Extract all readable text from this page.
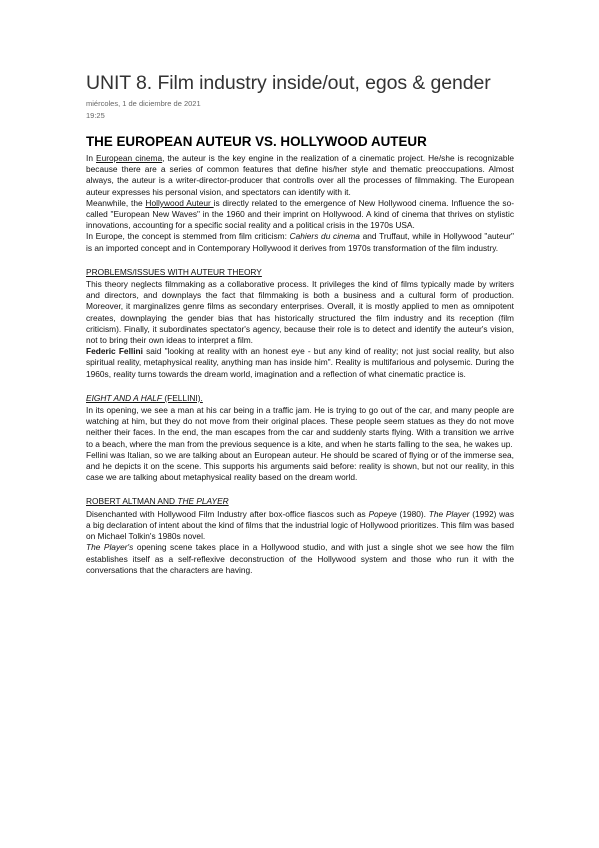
UNIT 8. Film industry inside/out, egos & gender
miércoles, 1 de diciembre de 2021
19:25
THE EUROPEAN AUTEUR VS. HOLLYWOOD AUTEUR

In European cinema, the auteur is the key engine in the realization of a cinematic project. He/she is recognizable because there are a series of common features that define his/her style and thematic preoccupations. Almost always, the auteur is a writer-director-producer that controlls over all the processes of filmmaking. The European auteur expresses his personal vision, and spectators can identify with it.

Meanwhile, the Hollywood Auteur is directly related to the emergence of New Hollywood cinema. Influence the so-called "European New Waves" in the 1960 and their imprint on Hollywood. A kind of cinema that thrives on stylistic innovations, accounting for a specific social reality and a political crisis in the 1970s USA.

In Europe, the concept is stemmed from film criticism: Cahiers du cinema and Truffaut, while in Hollywood "auteur" is an imported concept and in Contemporary Hollywood it derives from 1970s transformation of the film industry.

PROBLEMS/ISSUES WITH AUTEUR THEORY

This theory neglects filmmaking as a collaborative process. It privileges the kind of films typically made by writers and directors, and downplays the fact that filmmaking is both a business and a cultural form of production. Moreover, it marginalizes genre films as secondary enterprises. Overall, it is mostly applied to men as omnipotent creates, downplaying the gender bias that has historically structured the film industry and its reception (film criticism). Finally, it subordinates spectator's agency, because their role is to detect and identify the auteur's vision, not to bring their own ideas to interpret a film.

Federic Fellini said "looking at reality with an honest eye - but any kind of reality; not just social reality, but also spiritual reality, metaphysical reality, anything man has inside him". Reality is multifarious and polysemic. During the 1960s, reality turns towards the dream world, imagination and a reflection of what cinematic practice is.

EIGHT AND A HALF (FELLINI).

In its opening, we see a man at his car being in a traffic jam. He is trying to go out of the car, and many people are watching at him, but they do not move from their original places. These people seem statues as they do not move neither their faces. In the end, the man escapes from the car and suddenly starts flying. With a transition we arrive to a beach, where the man from the previous sequence is a kite, and when he starts falling to the sea, he wakes up.

Fellini was Italian, so we are talking about an European auteur. He should be scared of flying or of the immerse sea, and he depicts it on the scene. This supports his arguments said before: reality is shown, but not our reality, in this case we are talking about metaphysical reality based on the dream world.

ROBERT ALTMAN AND THE PLAYER

Disenchanted with Hollywood Film Industry after box-office fiascos such as Popeye (1980). The Player (1992) was a big declaration of intent about the kind of films that the industrial logic of Hollywood prioritizes. This film was based on Michael Tolkin's 1980s novel.

The Player's opening scene takes place in a Hollywood studio, and with just a single shot we see how the film establishes itself as a self-reflexive deconstruction of the Hollywood system and those who run it with the conversations that the characters are having.
